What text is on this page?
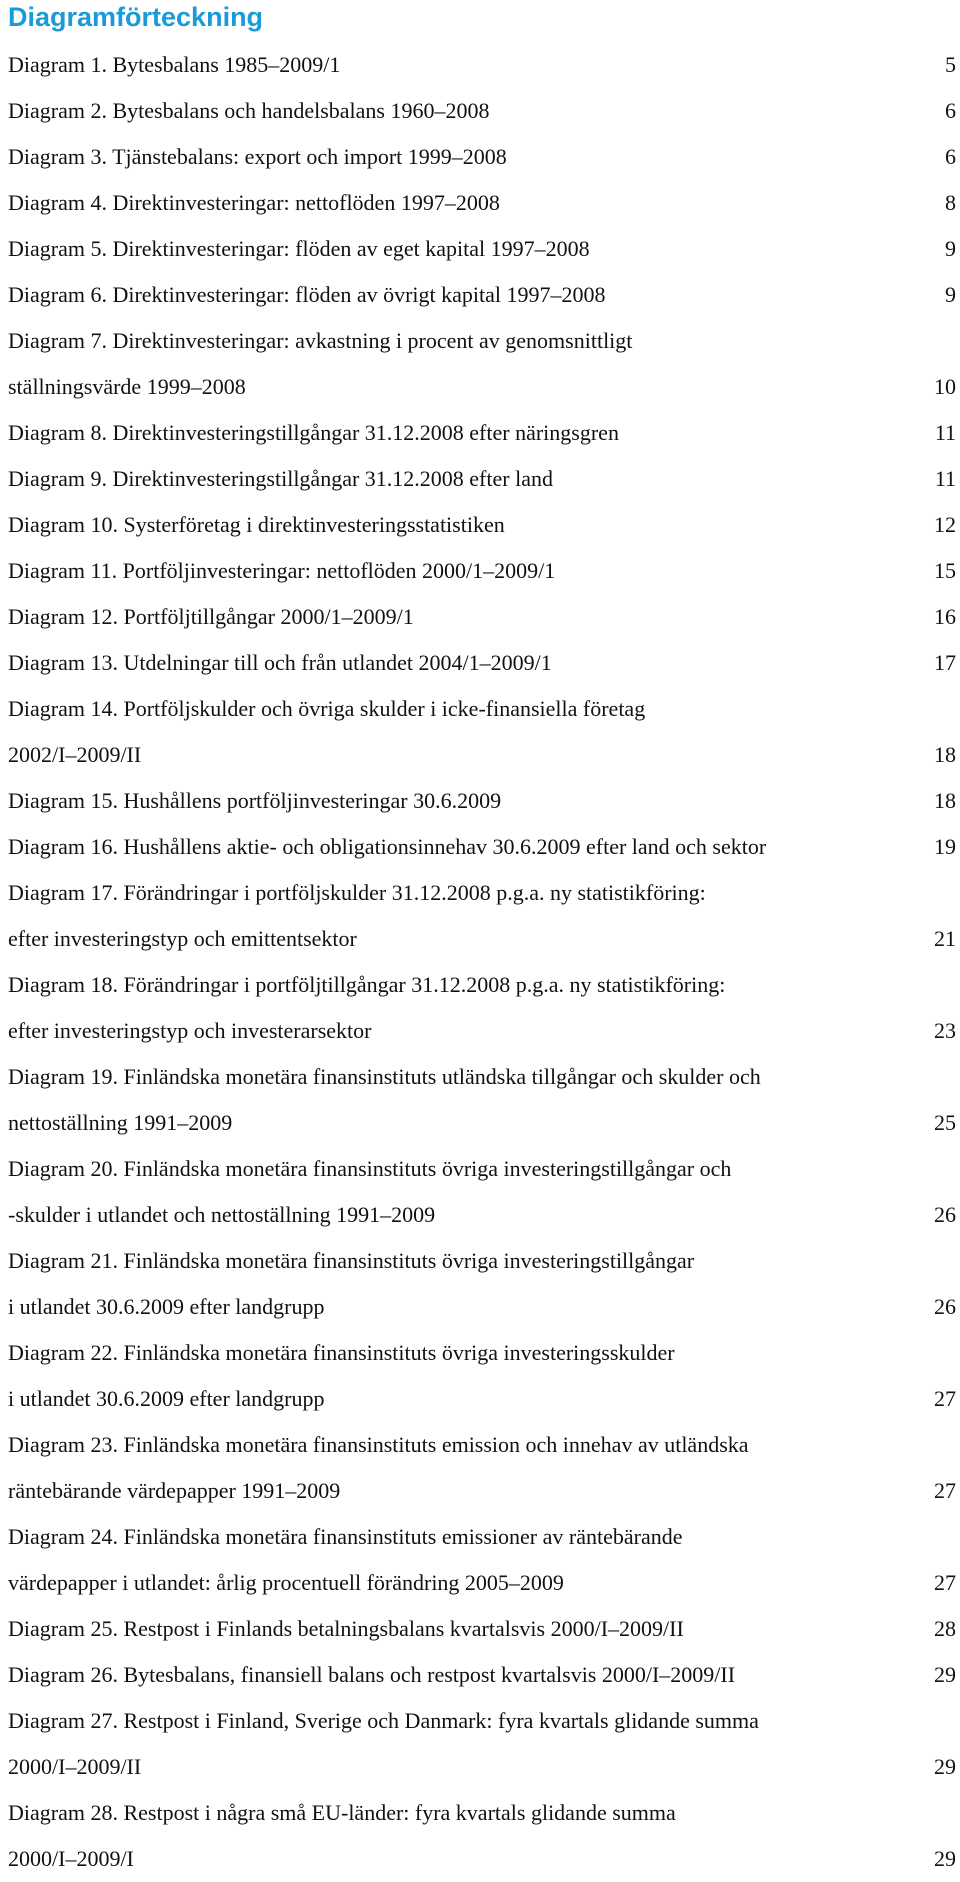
Diagramförteckning
Diagram 1. Bytesbalans 1985–2009/1	5
Diagram 2. Bytesbalans och handelsbalans 1960–2008	6
Diagram 3. Tjänstebalans: export och import 1999–2008	6
Diagram 4. Direktinvesteringar: nettoflöden 1997–2008	8
Diagram 5. Direktinvesteringar: flöden av eget kapital 1997–2008	9
Diagram 6. Direktinvesteringar: flöden av övrigt kapital 1997–2008	9
Diagram 7. Direktinvesteringar: avkastning i procent av genomsnittligt
ställningsvärde 1999–2008	10
Diagram 8. Direktinvesteringstillgångar 31.12.2008 efter näringsgren	11
Diagram 9. Direktinvesteringstillgångar 31.12.2008 efter land	11
Diagram 10. Systerföretag i direktinvesteringsstatistiken	12
Diagram 11. Portföljinvesteringar: nettoflöden 2000/1–2009/1	15
Diagram 12. Portföljtillgångar 2000/1–2009/1	16
Diagram 13. Utdelningar till och från utlandet 2004/1–2009/1	17
Diagram 14. Portföljskulder och övriga skulder i icke-finansiella företag
2002/I–2009/II	18
Diagram 15. Hushållens portföljinvesteringar 30.6.2009	18
Diagram 16. Hushållens aktie- och obligationsinnehav 30.6.2009 efter land och sektor	19
Diagram 17. Förändringar i portföljskulder 31.12.2008 p.g.a. ny statistikföring:
efter investeringstyp och emittentsektor	21
Diagram 18. Förändringar i portföljtillgångar 31.12.2008 p.g.a. ny statistikföring:
efter investeringstyp och investerarsektor	23
Diagram 19. Finländska monetära finansinstituts utländska tillgångar och skulder och
nettoställning 1991–2009	25
Diagram 20. Finländska monetära finansinstituts övriga investeringstillgångar och
-skulder i utlandet och nettoställning 1991–2009	26
Diagram 21. Finländska monetära finansinstituts övriga investeringstillgångar
i utlandet 30.6.2009 efter landgrupp	26
Diagram 22. Finländska monetära finansinstituts övriga investeringsskulder
i utlandet 30.6.2009 efter landgrupp	27
Diagram 23. Finländska monetära finansinstituts emission och innehav av utländska
räntebärande värdepapper 1991–2009	27
Diagram 24. Finländska monetära finansinstituts emissioner av räntebärande
värdepapper i utlandet: årlig procentuell förändring 2005–2009	27
Diagram 25. Restpost i Finlands betalningsbalans kvartalsvis 2000/I–2009/II	28
Diagram 26. Bytesbalans, finansiell balans och restpost kvartalsvis 2000/I–2009/II	29
Diagram 27. Restpost i Finland, Sverige och Danmark: fyra kvartals glidande summa
2000/I–2009/II	29
Diagram 28. Restpost i några små EU-länder: fyra kvartals glidande summa
2000/I–2009/I	29
